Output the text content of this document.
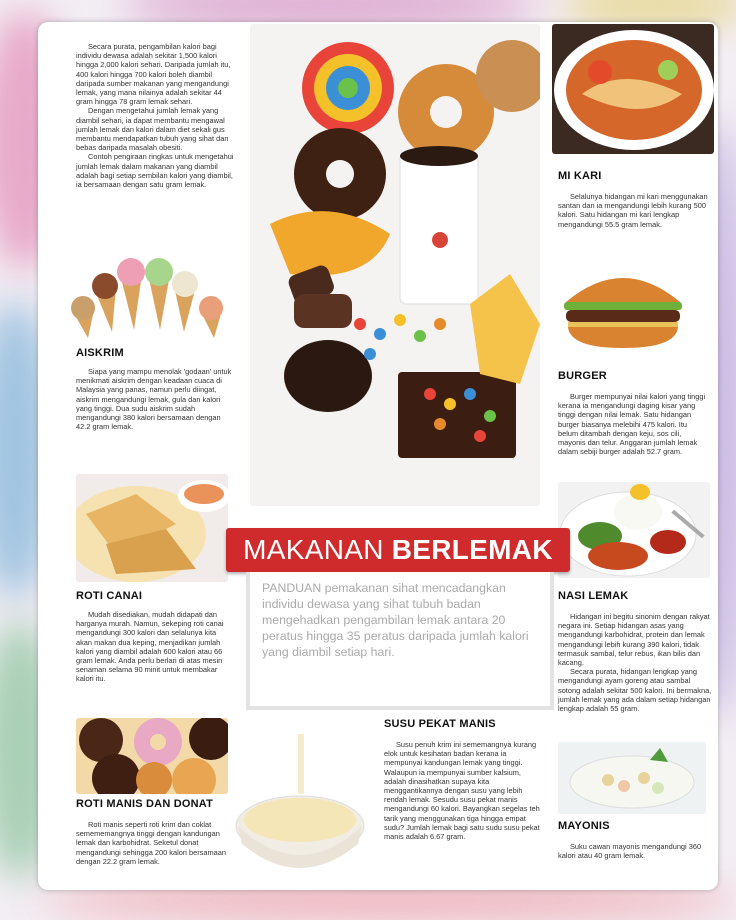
Secara purata, pengambilan kalori bagi individu dewasa adalah sekitar 1,500 kalori hingga 2,000 kalori sehari. Daripada jumlah itu, 400 kalori hingga 700 kalori boleh diambil daripada sumber makanan yang mengandungi lemak, yang mana nilainya adalah sekitar 44 gram hingga 78 gram lemak sehari.

Dengan mengetahui jumlah lemak yang diambil sehari, ia dapat membantu mengawal jumlah lemak dan kalori dalam diet sekali gus membantu mendapatkan tubuh yang sihat dan bebas daripada masalah obesiti.

Contoh pengiraan ringkas untuk mengetahui jumlah lemak dalam makanan yang diambil adalah bagi setiap sembilan kalori yang diambil, ia bersamaan dengan satu gram lemak.

AISKRIM

Siapa yang mampu menolak 'godaan' untuk menikmati aiskrim dengan keadaan cuaca di Malaysia yang panas, namun perlu diingat, aiskrim mengandungi lemak, gula dan kalori yang tinggi. Dua sudu aiskrim sudah mengandungi 380 kalori bersamaan dengan 42.2 gram lemak.

ROTI CANAI

Mudah disediakan, mudah didapati dan harganya murah. Namun, sekeping roti canai mengandungi 300 kalori dan selalunya kita akan makan dua keping, menjadikan jumlah kalori yang diambil adalah 600 kalori atau 66 gram lemak. Anda perlu berlari di atas mesin senaman selama 90 minit untuk membakar kalori itu.

ROTI MANIS DAN DONAT

Roti manis seperti roti krim dan coklat semememangnya tinggi dengan kandungan lemak dan karbohidrat. Seketul donat mengandungi sehingga 200 kalori bersamaan dengan 22.2 gram lemak.

MI KARI

Selalunya hidangan mi kari menggunakan santan dan ia mengandungi lebih kurang 500 kalori. Satu hidangan mi kari lengkap mengandungi 55.5 gram lemak.

BURGER

Burger mempunyai nilai kalori yang tinggi kerana ia mengandungi daging kisar yang tinggi dengan nilai lemak. Satu hidangan burger biasanya melebihi 475 kalori. Itu belum ditambah dengan keju, sos cili, mayonis dan telur. Anggaran jumlah lemak dalam sebiji burger adalah 52.7 gram.

NASI LEMAK

Hidangan ini begitu sinonim dengan rakyat negara ini. Setiap hidangan asas yang mengandungi karbohidrat, protein dan lemak mengandungi lebih kurang 390 kalori, tidak termasuk sambal, telur rebus, ikan bilis dan kacang.

Secara purata, hidangan lengkap yang mengandungi ayam goreng atau sambal sotong adalah sekitar 500 kalori. Ini bermakna, jumlah lemak yang ada dalam setiap hidangan lengkap adalah 55 gram.

MAYONIS

Suku cawan mayonis mengandungi 360 kalori atau 40 gram lemak.

MAKANAN BERLEMAK

PANDUAN pemakanan sihat mencadangkan individu dewasa yang sihat tubuh badan mengehadkan pengambilan lemak antara 20 peratus hingga 35 peratus daripada jumlah kalori yang diambil setiap hari.

SUSU PEKAT MANIS

Susu penuh krim ini sememangnya kurang elok untuk kesihatan badan kerana ia mempunyai kandungan lemak yang tinggi. Walaupun ia mempunyai sumber kalsium, adalah dinasihatkan supaya kita menggantikannya dengan susu yang lebih rendah lemak. Sesudu susu pekat manis mengandungi 60 kalori. Bayangkan segelas teh tarik yang menggunakan tiga hingga empat sudu? Jumlah lemak bagi satu sudu susu pekat manis adalah 6.67 gram.
